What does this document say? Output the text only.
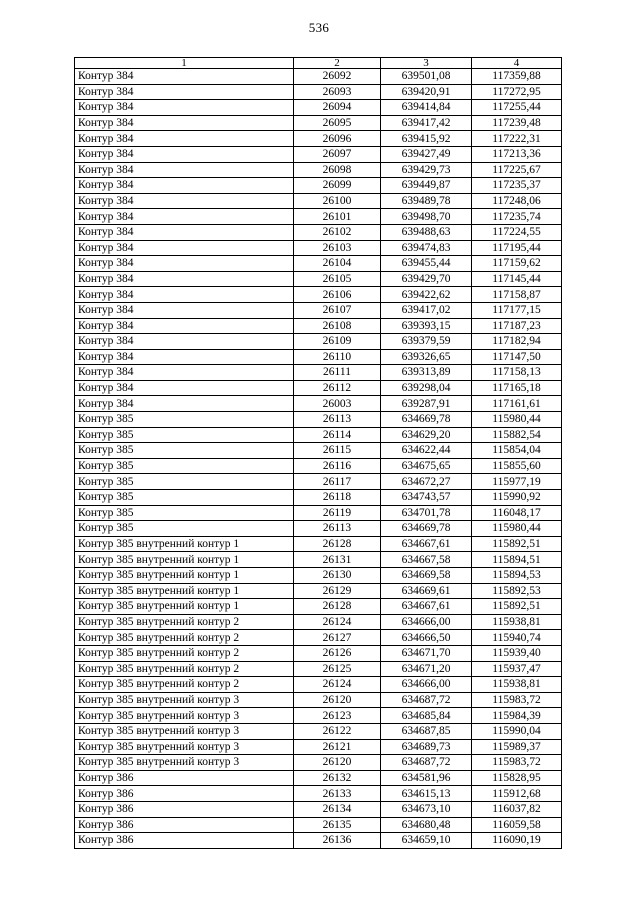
536
1	2	3	4
Контур 384	26092	639501,08	117359,88
Контур 384	26093	639420,91	117272,95
Контур 384	26094	639414,84	117255,44
Контур 384	26095	639417,42	117239,48
Контур 384	26096	639415,92	117222,31
Контур 384	26097	639427,49	117213,36
Контур 384	26098	639429,73	117225,67
Контур 384	26099	639449,87	117235,37
Контур 384	26100	639489,78	117248,06
Контур 384	26101	639498,70	117235,74
Контур 384	26102	639488,63	117224,55
Контур 384	26103	639474,83	117195,44
Контур 384	26104	639455,44	117159,62
Контур 384	26105	639429,70	117145,44
Контур 384	26106	639422,62	117158,87
Контур 384	26107	639417,02	117177,15
Контур 384	26108	639393,15	117187,23
Контур 384	26109	639379,59	117182,94
Контур 384	26110	639326,65	117147,50
Контур 384	26111	639313,89	117158,13
Контур 384	26112	639298,04	117165,18
Контур 384	26003	639287,91	117161,61
Контур 385	26113	634669,78	115980,44
Контур 385	26114	634629,20	115882,54
Контур 385	26115	634622,44	115854,04
Контур 385	26116	634675,65	115855,60
Контур 385	26117	634672,27	115977,19
Контур 385	26118	634743,57	115990,92
Контур 385	26119	634701,78	116048,17
Контур 385	26113	634669,78	115980,44
Контур 385 внутренний контур 1	26128	634667,61	115892,51
Контур 385 внутренний контур 1	26131	634667,58	115894,51
Контур 385 внутренний контур 1	26130	634669,58	115894,53
Контур 385 внутренний контур 1	26129	634669,61	115892,53
Контур 385 внутренний контур 1	26128	634667,61	115892,51
Контур 385 внутренний контур 2	26124	634666,00	115938,81
Контур 385 внутренний контур 2	26127	634666,50	115940,74
Контур 385 внутренний контур 2	26126	634671,70	115939,40
Контур 385 внутренний контур 2	26125	634671,20	115937,47
Контур 385 внутренний контур 2	26124	634666,00	115938,81
Контур 385 внутренний контур 3	26120	634687,72	115983,72
Контур 385 внутренний контур 3	26123	634685,84	115984,39
Контур 385 внутренний контур 3	26122	634687,85	115990,04
Контур 385 внутренний контур 3	26121	634689,73	115989,37
Контур 385 внутренний контур 3	26120	634687,72	115983,72
Контур 386	26132	634581,96	115828,95
Контур 386	26133	634615,13	115912,68
Контур 386	26134	634673,10	116037,82
Контур 386	26135	634680,48	116059,58
Контур 386	26136	634659,10	116090,19
